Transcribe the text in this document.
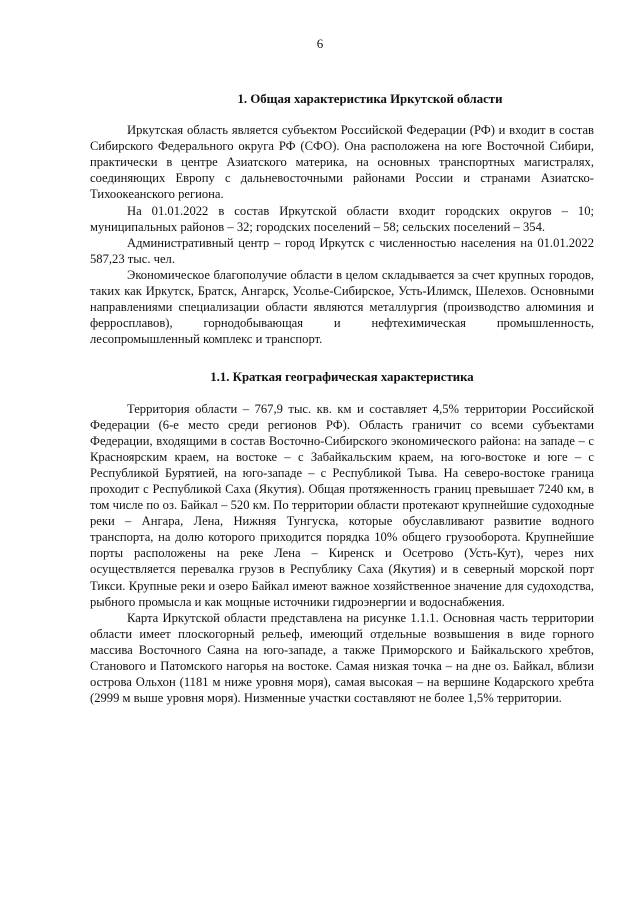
6
1. Общая характеристика Иркутской области

Иркутская область является субъектом Российской Федерации (РФ) и входит в состав Сибирского Федерального округа РФ (СФО). Она расположена на юге Восточной Сибири, практически в центре Азиатского материка, на основных транспортных магистралях, соединяющих Европу с дальневосточными районами России и странами Азиатско-Тихоокеанского региона.

На 01.01.2022 в состав Иркутской области входит городских округов – 10; муниципальных районов – 32; городских поселений – 58; сельских поселений – 354.

Административный центр – город Иркутск с численностью населения на 01.01.2022 587,23 тыс. чел.

Экономическое благополучие области в целом складывается за счет крупных городов, таких как Иркутск, Братск, Ангарск, Усолье-Сибирское, Усть-Илимск, Шелехов. Основными направлениями специализации области являются металлургия (производство алюминия и ферросплавов), горнодобывающая и нефтехимическая промышленность, лесопромышленный комплекс и транспорт.

1.1. Краткая географическая характеристика

Территория области – 767,9 тыс. кв. км и составляет 4,5% территории Российской Федерации (6-е место среди регионов РФ). Область граничит со всеми субъектами Федерации, входящими в состав Восточно-Сибирского экономического района: на западе – с Красноярским краем, на востоке – с Забайкальским краем, на юго-востоке и юге – с Республикой Бурятией, на юго-западе – с Республикой Тыва. На северо-востоке граница проходит с Республикой Саха (Якутия). Общая протяженность границ превышает 7240 км, в том числе по оз. Байкал – 520 км. По территории области протекают крупнейшие судоходные реки – Ангара, Лена, Нижняя Тунгуска, которые обуславливают развитие водного транспорта, на долю которого приходится порядка 10% общего грузооборота. Крупнейшие порты расположены на реке Лена – Киренск и Осетрово (Усть-Кут), через них осуществляется перевалка грузов в Республику Саха (Якутия) и в северный морской порт Тикси. Крупные реки и озеро Байкал имеют важное хозяйственное значение для судоходства, рыбного промысла и как мощные источники гидроэнергии и водоснабжения.

Карта Иркутской области представлена на рисунке 1.1.1. Основная часть территории области имеет плоскогорный рельеф, имеющий отдельные возвышения в виде горного массива Восточного Саяна на юго-западе, а также Приморского и Байкальского хребтов, Станового и Патомского нагорья на востоке. Самая низкая точка – на дне оз. Байкал, вблизи острова Ольхон (1181 м ниже уровня моря), самая высокая – на вершине Кодарского хребта (2999 м выше уровня моря). Низменные участки составляют не более 1,5% территории.
